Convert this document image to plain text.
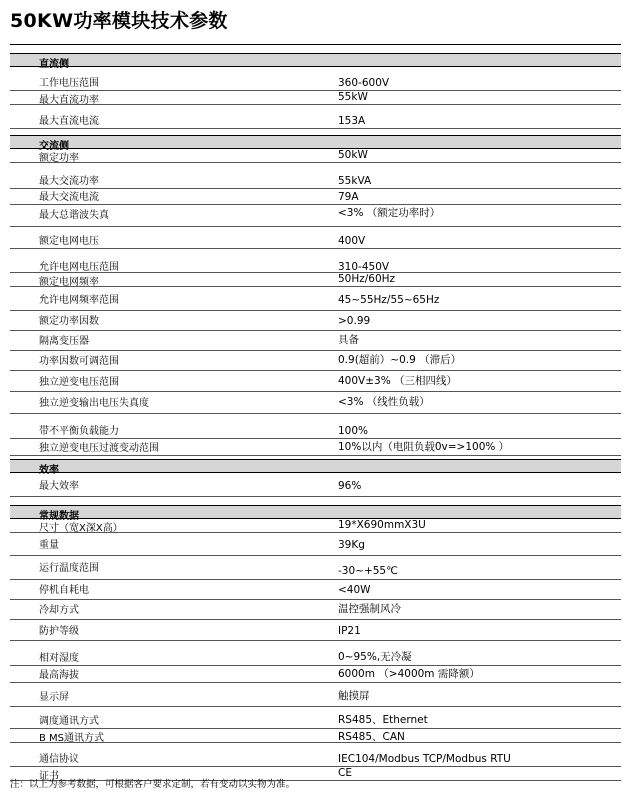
50KW功率模块技术参数
直流侧
工作电压范围	360-600V
最大直流功率	55kW
最大直流电流	153A
交流侧
额定功率	50kW
最大交流功率	55kVA
最大交流电流	79A
最大总谐波失真	<3% （额定功率时）
额定电网电压	400V
允许电网电压范围	310-450V
额定电网频率	50Hz/60Hz
允许电网频率范围	45~55Hz/55~65Hz
额定功率因数	>0.99
隔离变压器	具备
功率因数可调范围	0.9(超前）~0.9 （滞后）
独立逆变电压范围	400V±3% （三相四线）
独立逆变输出电压失真度	<3% （线性负载）
带不平衡负载能力	100%
独立逆变电压过渡变动范围	10%以内（电阻负载0v=>100% ）
效率
最大效率	96%
常规数据
尺寸（宽X深X高）	19*X690mmX3U
重量	39Kg
运行温度范围	-30~+55℃
停机自耗电	<40W
冷却方式	温控强制风冷
防护等级	IP21
相对湿度	0~95%,无冷凝
最高海拔	6000m （>4000m 需降额）
显示屏	触摸屏
调度通讯方式	RS485、Ethernet
B MS通讯方式	RS485、CAN
通信协议	IEC104/Modbus TCP/Modbus RTU
证书	CE
注：以上为参考数据，可根据客户要求定制，若有变动以实物为准。
